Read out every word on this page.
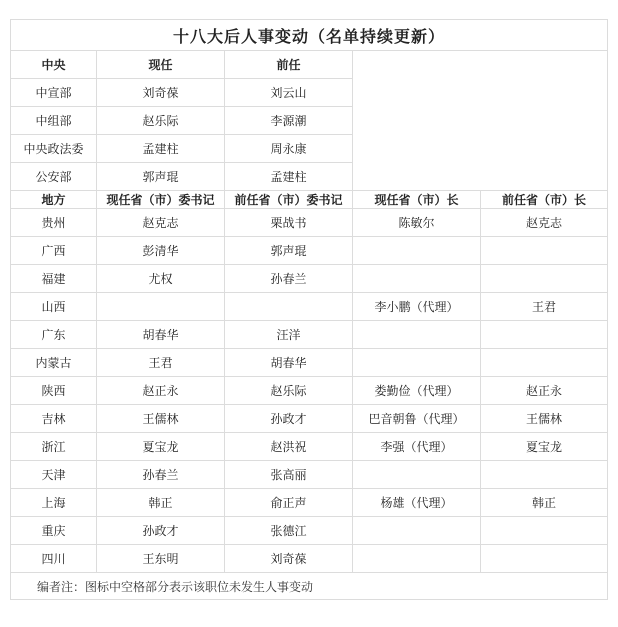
十八大后人事变动（名单持续更新）				
中央	现任	前任		
中宣部	刘奇葆	刘云山		
中组部	赵乐际	李源潮		
中央政法委	孟建柱	周永康		
公安部	郭声琨	孟建柱		
地方	现任省（市）委书记	前任省（市）委书记	现任省（市）长	前任省（市）长
贵州	赵克志	栗战书	陈敏尔	赵克志
广西	彭清华	郭声琨		
福建	尤权	孙春兰		
山西			李小鹏（代理）	王君
广东	胡春华	汪洋		
内蒙古	王君	胡春华		
陕西	赵正永	赵乐际	娄勤俭（代理）	赵正永
吉林	王儒林	孙政才	巴音朝鲁（代理）	王儒林
浙江	夏宝龙	赵洪祝	李强（代理）	夏宝龙
天津	孙春兰	张高丽		
上海	韩正	俞正声	杨雄（代理）	韩正
重庆	孙政才	张德江		
四川	王东明	刘奇葆		
编者注：图标中空格部分表示该职位未发生人事变动				
